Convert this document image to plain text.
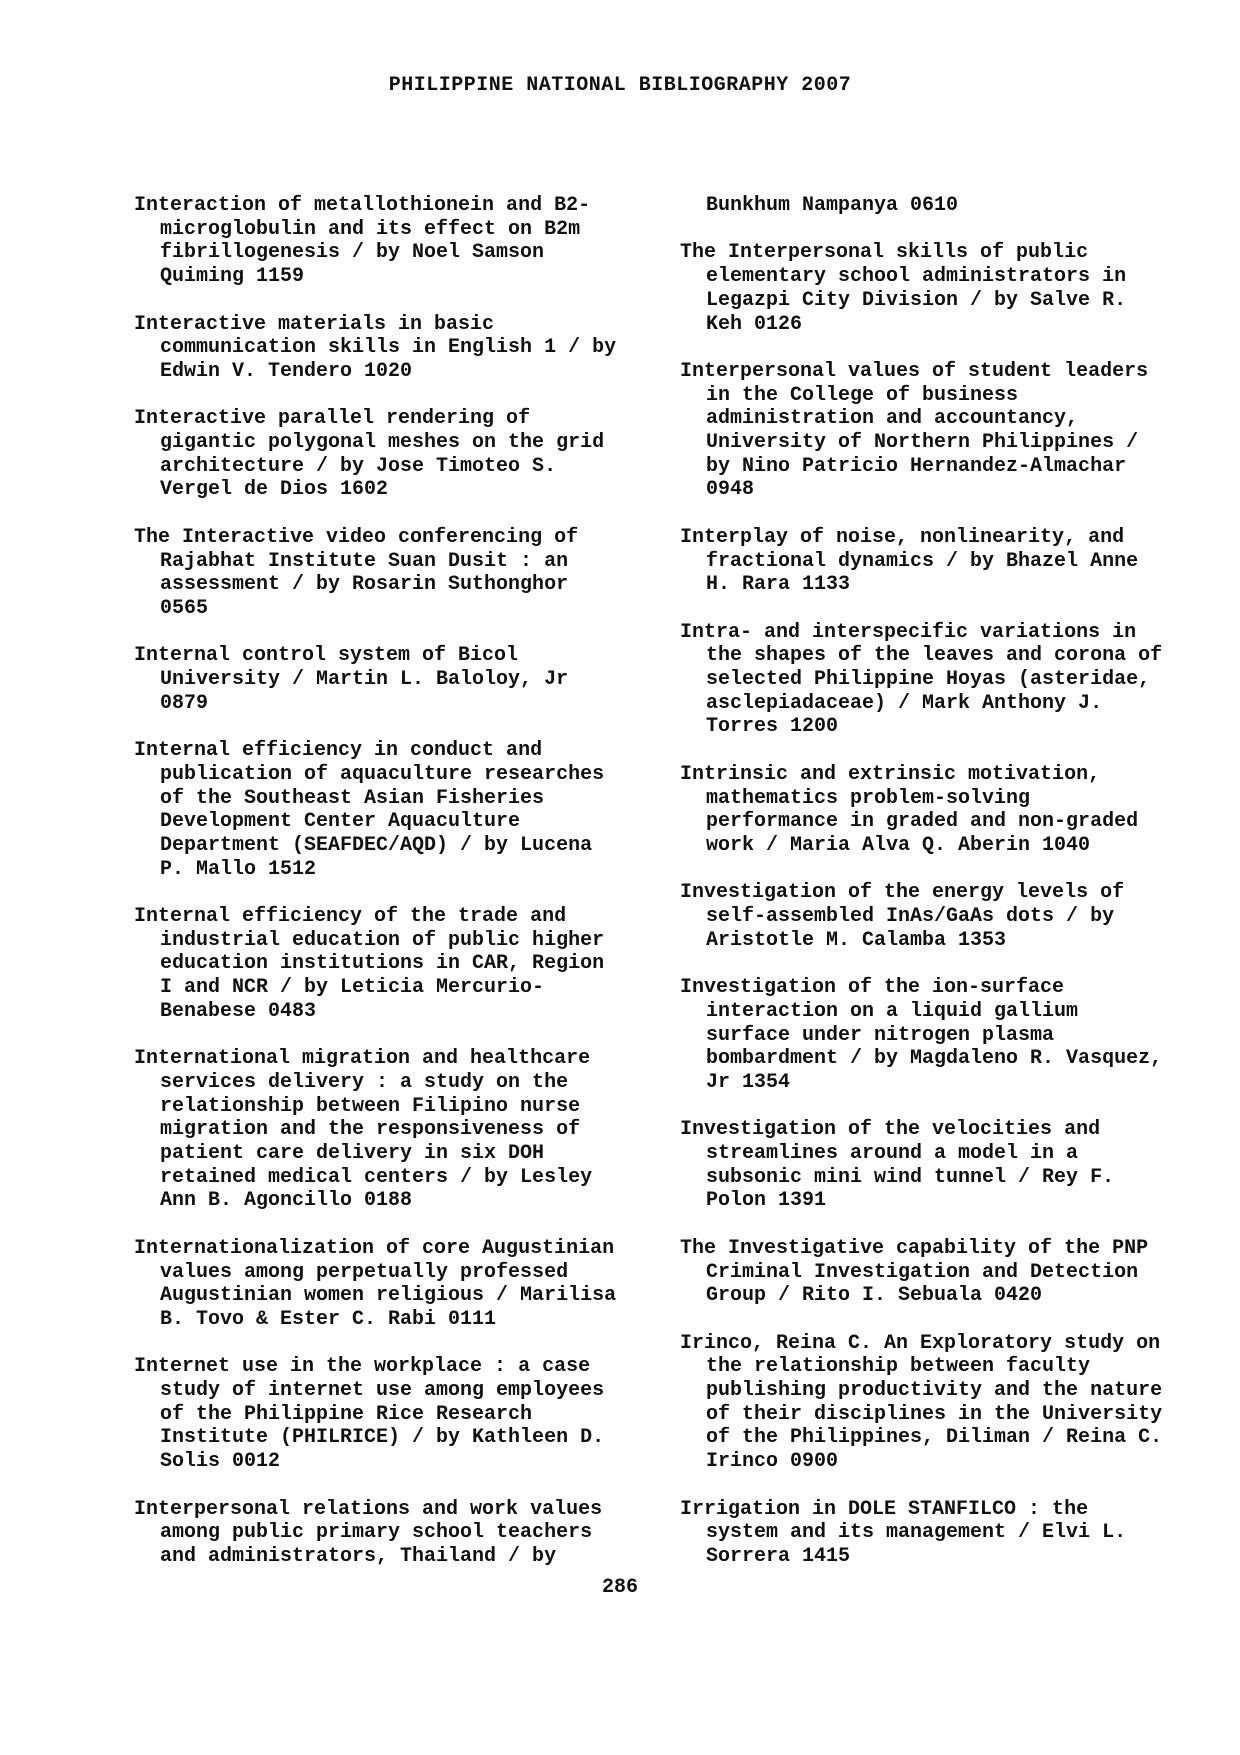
PHILIPPINE NATIONAL BIBLIOGRAPHY 2007
Interaction of metallothionein and B2-
microglobulin and its effect on B2m
fibrillogenesis / by Noel Samson
Quiming 1159
Interactive materials in basic
communication skills in English 1 / by
Edwin V. Tendero 1020
Interactive parallel rendering of
gigantic polygonal meshes on the grid
architecture / by Jose Timoteo S.
Vergel de Dios 1602
The Interactive video conferencing of
Rajabhat Institute Suan Dusit : an
assessment / by Rosarin Suthonghor
0565
Internal control system of Bicol
University / Martin L. Baloloy, Jr
0879
Internal efficiency in conduct and
publication of aquaculture researches
of the Southeast Asian Fisheries
Development Center Aquaculture
Department (SEAFDEC/AQD) / by Lucena
P. Mallo 1512
Internal efficiency of the trade and
industrial education of public higher
education institutions in CAR, Region
I and NCR / by Leticia Mercurio-
Benabese 0483
International migration and healthcare
services delivery : a study on the
relationship between Filipino nurse
migration and the responsiveness of
patient care delivery in six DOH
retained medical centers / by Lesley
Ann B. Agoncillo 0188
Internationalization of core Augustinian
values among perpetually professed
Augustinian women religious / Marilisa
B. Tovo & Ester C. Rabi 0111
Internet use in the workplace : a case
study of internet use among employees
of the Philippine Rice Research
Institute (PHILRICE) / by Kathleen D.
Solis 0012
Interpersonal relations and work values
among public primary school teachers
and administrators, Thailand / by
Bunkhum Nampanya 0610
The Interpersonal skills of public
elementary school administrators in
Legazpi City Division / by Salve R.
Keh 0126
Interpersonal values of student leaders
in the College of business
administration and accountancy,
University of Northern Philippines /
by Nino Patricio Hernandez-Almachar
0948
Interplay of noise, nonlinearity, and
fractional dynamics / by Bhazel Anne
H. Rara 1133
Intra- and interspecific variations in
the shapes of the leaves and corona of
selected Philippine Hoyas (asteridae,
asclepiadaceae) / Mark Anthony J.
Torres 1200
Intrinsic and extrinsic motivation,
mathematics problem-solving
performance in graded and non-graded
work / Maria Alva Q. Aberin 1040
Investigation of the energy levels of
self-assembled InAs/GaAs dots / by
Aristotle M. Calamba 1353
Investigation of the ion-surface
interaction on a liquid gallium
surface under nitrogen plasma
bombardment / by Magdaleno R. Vasquez,
Jr 1354
Investigation of the velocities and
streamlines around a model in a
subsonic mini wind tunnel / Rey F.
Polon 1391
The Investigative capability of the PNP
Criminal Investigation and Detection
Group / Rito I. Sebuala 0420
Irinco, Reina C. An Exploratory study on
the relationship between faculty
publishing productivity and the nature
of their disciplines in the University
of the Philippines, Diliman / Reina C.
Irinco 0900
Irrigation in DOLE STANFILCO : the
system and its management / Elvi L.
Sorrera 1415
286
